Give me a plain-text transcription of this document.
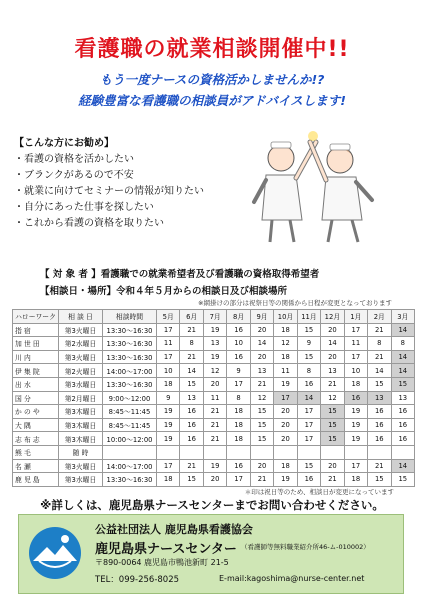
看護職の就業相談開催中!!
もう一度ナースの資格活かしませんか!?
経験豊富な看護職の相談員がアドバイスします!
【こんな方にお勧め】
・看護の資格を活かしたい
・ブランクがあるので不安
・就業に向けてセミナーの情報が知りたい
・自分にあった仕事を探したい
・これから看護の資格を取りたい
【 対 象 者 】看護職での就業希望者及び看護職の資格取得希望者
【相談日・場所】令和４年５月からの相談日及び相談場所
※網掛けの部分は祝祭日等の関係から日程が変更となっております
ハローワーク	相 談 日	相談時間	5月	6月	7月	8月	9月	10月	11月	12月	1月	2月	3月
指 宿	第3火曜日	13:30〜16:30	17	21	19	16	20	18	15	20	17	21	14
加 世 田	第2水曜日	13:30〜16:30	11	8	13	10	14	12	9	14	11	8	8
川 内	第3火曜日	13:30〜16:30	17	21	19	16	20	18	15	20	17	21	14
伊 集 院	第2火曜日	14:00〜17:00	10	14	12	9	13	11	8	13	10	14	14
出 水	第3水曜日	13:30〜16:30	18	15	20	17	21	19	16	21	18	15	15
国 分	第2月曜日	9:00〜12:00	9	13	11	8	12	17	14	12	16	13	13
か の や	第3木曜日	8:45〜11:45	19	16	21	18	15	20	17	15	19	16	16
大 隅	第3木曜日	8:45〜11:45	19	16	21	18	15	20	17	15	19	16	16
志 布 志	第3木曜日	10:00〜12:00	19	16	21	18	15	20	17	15	19	16	16
熊 毛	随 時												
名 瀬	第3火曜日	14:00〜17:00	17	21	19	16	20	18	15	20	17	21	14
鹿 児 島	第3水曜日	13:30〜16:30	18	15	20	17	21	19	16	21	18	15	15
＊印は祝日等のため、相談日が変更になっています
※詳しくは、鹿児島県ナースセンターまでお問い合わせください。
公益社団法人 鹿児島県看護協会
鹿児島県ナースセンター （看護師等無料職業紹介所46-ム-010002）
〒890-0064 鹿児島市鴨池新町 21-5
TEL：099-256-8025	E-mail:kagoshima@nurse-center.net
